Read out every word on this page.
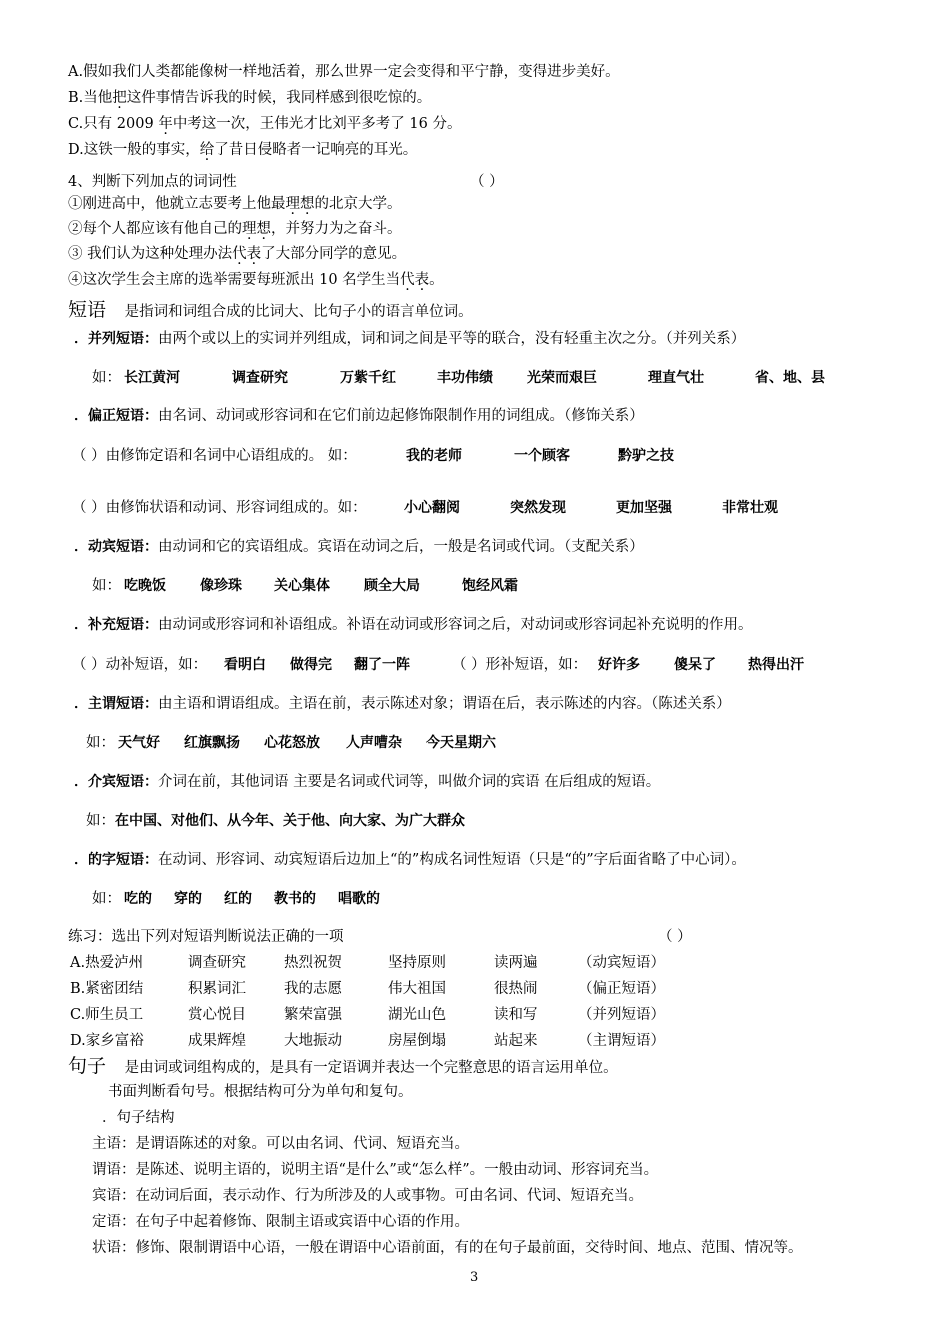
A.假如我们人类都能像树一样地活着，那么世界一定会变得和平宁静，变得进步美好。
B.当他把这件事情告诉我的时候，我同样感到很吃惊的。
C.只有 2009 年中考这一次，王伟光才比刘平多考了 16 分。
D.这铁一般的事实，给了昔日侵略者一记响亮的耳光。
4、判断下列加点的词词性	（ ）
①刚进高中，他就立志要考上他最理想的北京大学。
②每个人都应该有他自己的理想，并努力为之奋斗。
③ 我们认为这种处理办法代表了大部分同学的意见。
④这次学生会主席的选举需要每班派出 10 名学生当代表。
短语 是指词和词组合成的比词大、比句子小的语言单位词。
．并列短语：由两个或以上的实词并列组成，词和词之间是平等的联合，没有轻重主次之分。（并列关系）
如： 长江黄河	调查研究	万紫千红	丰功伟绩 光荣而艰巨	理直气壮	省、地、县
．偏正短语：由名词、动词或形容词和在它们前边起修饰限制作用的词组成。（修饰关系）
（ ）由修饰定语和名词中心语组成的。 如：	我的老师	一个顾客	黔驴之技
（ ）由修饰状语和动词、形容词组成的。如：	小心翻阅	突然发现	更加坚强	非常壮观
．动宾短语：由动词和它的宾语组成。宾语在动词之后，一般是名词或代词。（支配关系）
如： 吃晚饭 像珍珠 关心集体 顾全大局	饱经风霜
．补充短语：由动词或形容词和补语组成。补语在动词或形容词之后，对动词或形容词起补充说明的作用。
（ ）动补短语，如： 看明白 做得完 翻了一阵	（ ）形补短语，如： 好许多 傻呆了 热得出汗
．主谓短语：由主语和谓语组成。主语在前，表示陈述对象；谓语在后，表示陈述的内容。（陈述关系）
如： 天气好 红旗飘扬 心花怒放 人声嘈杂 今天星期六
．介宾短语：介词在前，其他词语 主要是名词或代词等，叫做介词的宾语 在后组成的短语。
如：在中国、对他们、从今年、关于他、向大家、为广大群众
．的字短语：在动词、形容词、动宾短语后边加上“的”构成名词性短语（只是“的”字后面省略了中心词）。
如： 吃的 穿的 红的 教书的 唱歌的
练习：选出下列对短语判断说法正确的一项	（ ）
A.热爱泸州	调查研究	热烈祝贺	坚持原则	读两遍	（动宾短语）
B.紧密团结	积累词汇	我的志愿	伟大祖国	很热闹	（偏正短语）
C.师生员工	赏心悦目	繁荣富强	湖光山色	读和写	（并列短语）
D.家乡富裕	成果辉煌	大地振动	房屋倒塌	站起来	（主谓短语）
句子 是由词或词组构成的，是具有一定语调并表达一个完整意思的语言运用单位。
书面判断看句号。根据结构可分为单句和复句。
．句子结构
主语：是谓语陈述的对象。可以由名词、代词、短语充当。
谓语：是陈述、说明主语的，说明主语“是什么”或“怎么样”。一般由动词、形容词充当。
宾语：在动词后面，表示动作、行为所涉及的人或事物。可由名词、代词、短语充当。
定语：在句子中起着修饰、限制主语或宾语中心语的作用。
状语：修饰、限制谓语中心语，一般在谓语中心语前面，有的在句子最前面，交待时间、地点、范围、情况等。
3
